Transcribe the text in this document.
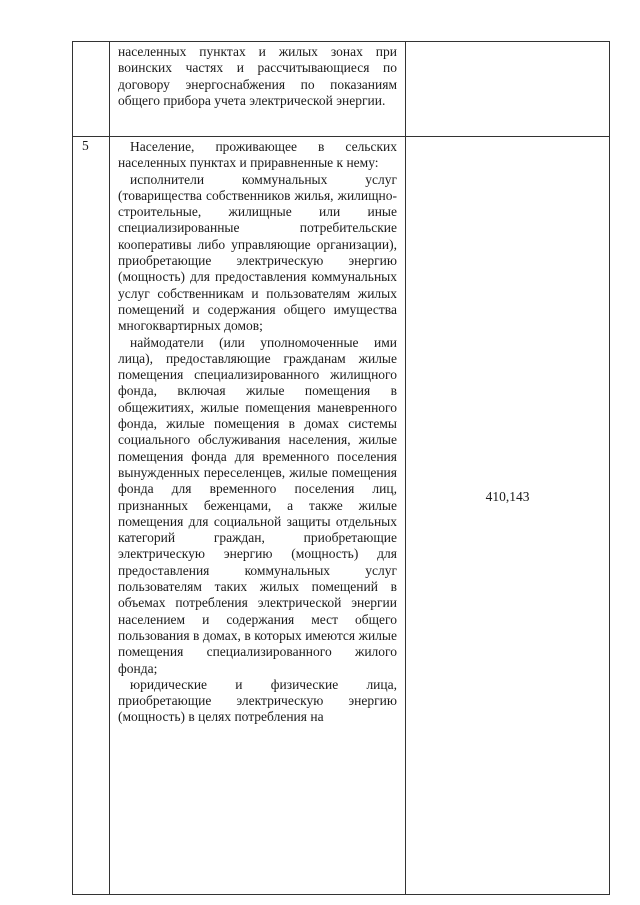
	населенных пунктах и жилых зонах при воинских частях и рассчитывающиеся по договору энергоснабжения по показаниям общего прибора учета электрической энергии.	

5	Население, проживающее в сельских населенных пунктах и приравненные к нему:

исполнители коммунальных услуг (товарищества собственников жилья, жилищно-строительные, жилищные или иные специализированные потребительские кооперативы либо управляющие организации), приобретающие электрическую энергию (мощность) для предоставления коммунальных услуг собственникам и пользователям жилых помещений и содержания общего имущества многоквартирных домов;

наймодатели (или уполномоченные ими лица), предоставляющие гражданам жилые помещения специализированного жилищного фонда, включая жилые помещения в общежитиях, жилые помещения маневренного фонда, жилые помещения в домах системы социального обслуживания населения, жилые помещения фонда для временного поселения вынужденных переселенцев, жилые помещения фонда для временного поселения лиц, признанных беженцами, а также жилые помещения для социальной защиты отдельных категорий граждан, приобретающие электрическую энергию (мощность) для предоставления коммунальных услуг пользователям таких жилых помещений в объемах потребления электрической энергии населением и содержания мест общего пользования в домах, в которых имеются жилые помещения специализированного жилого фонда;

юридические и физические лица, приобретающие электрическую энергию (мощность) в целях потребления на	410,143
